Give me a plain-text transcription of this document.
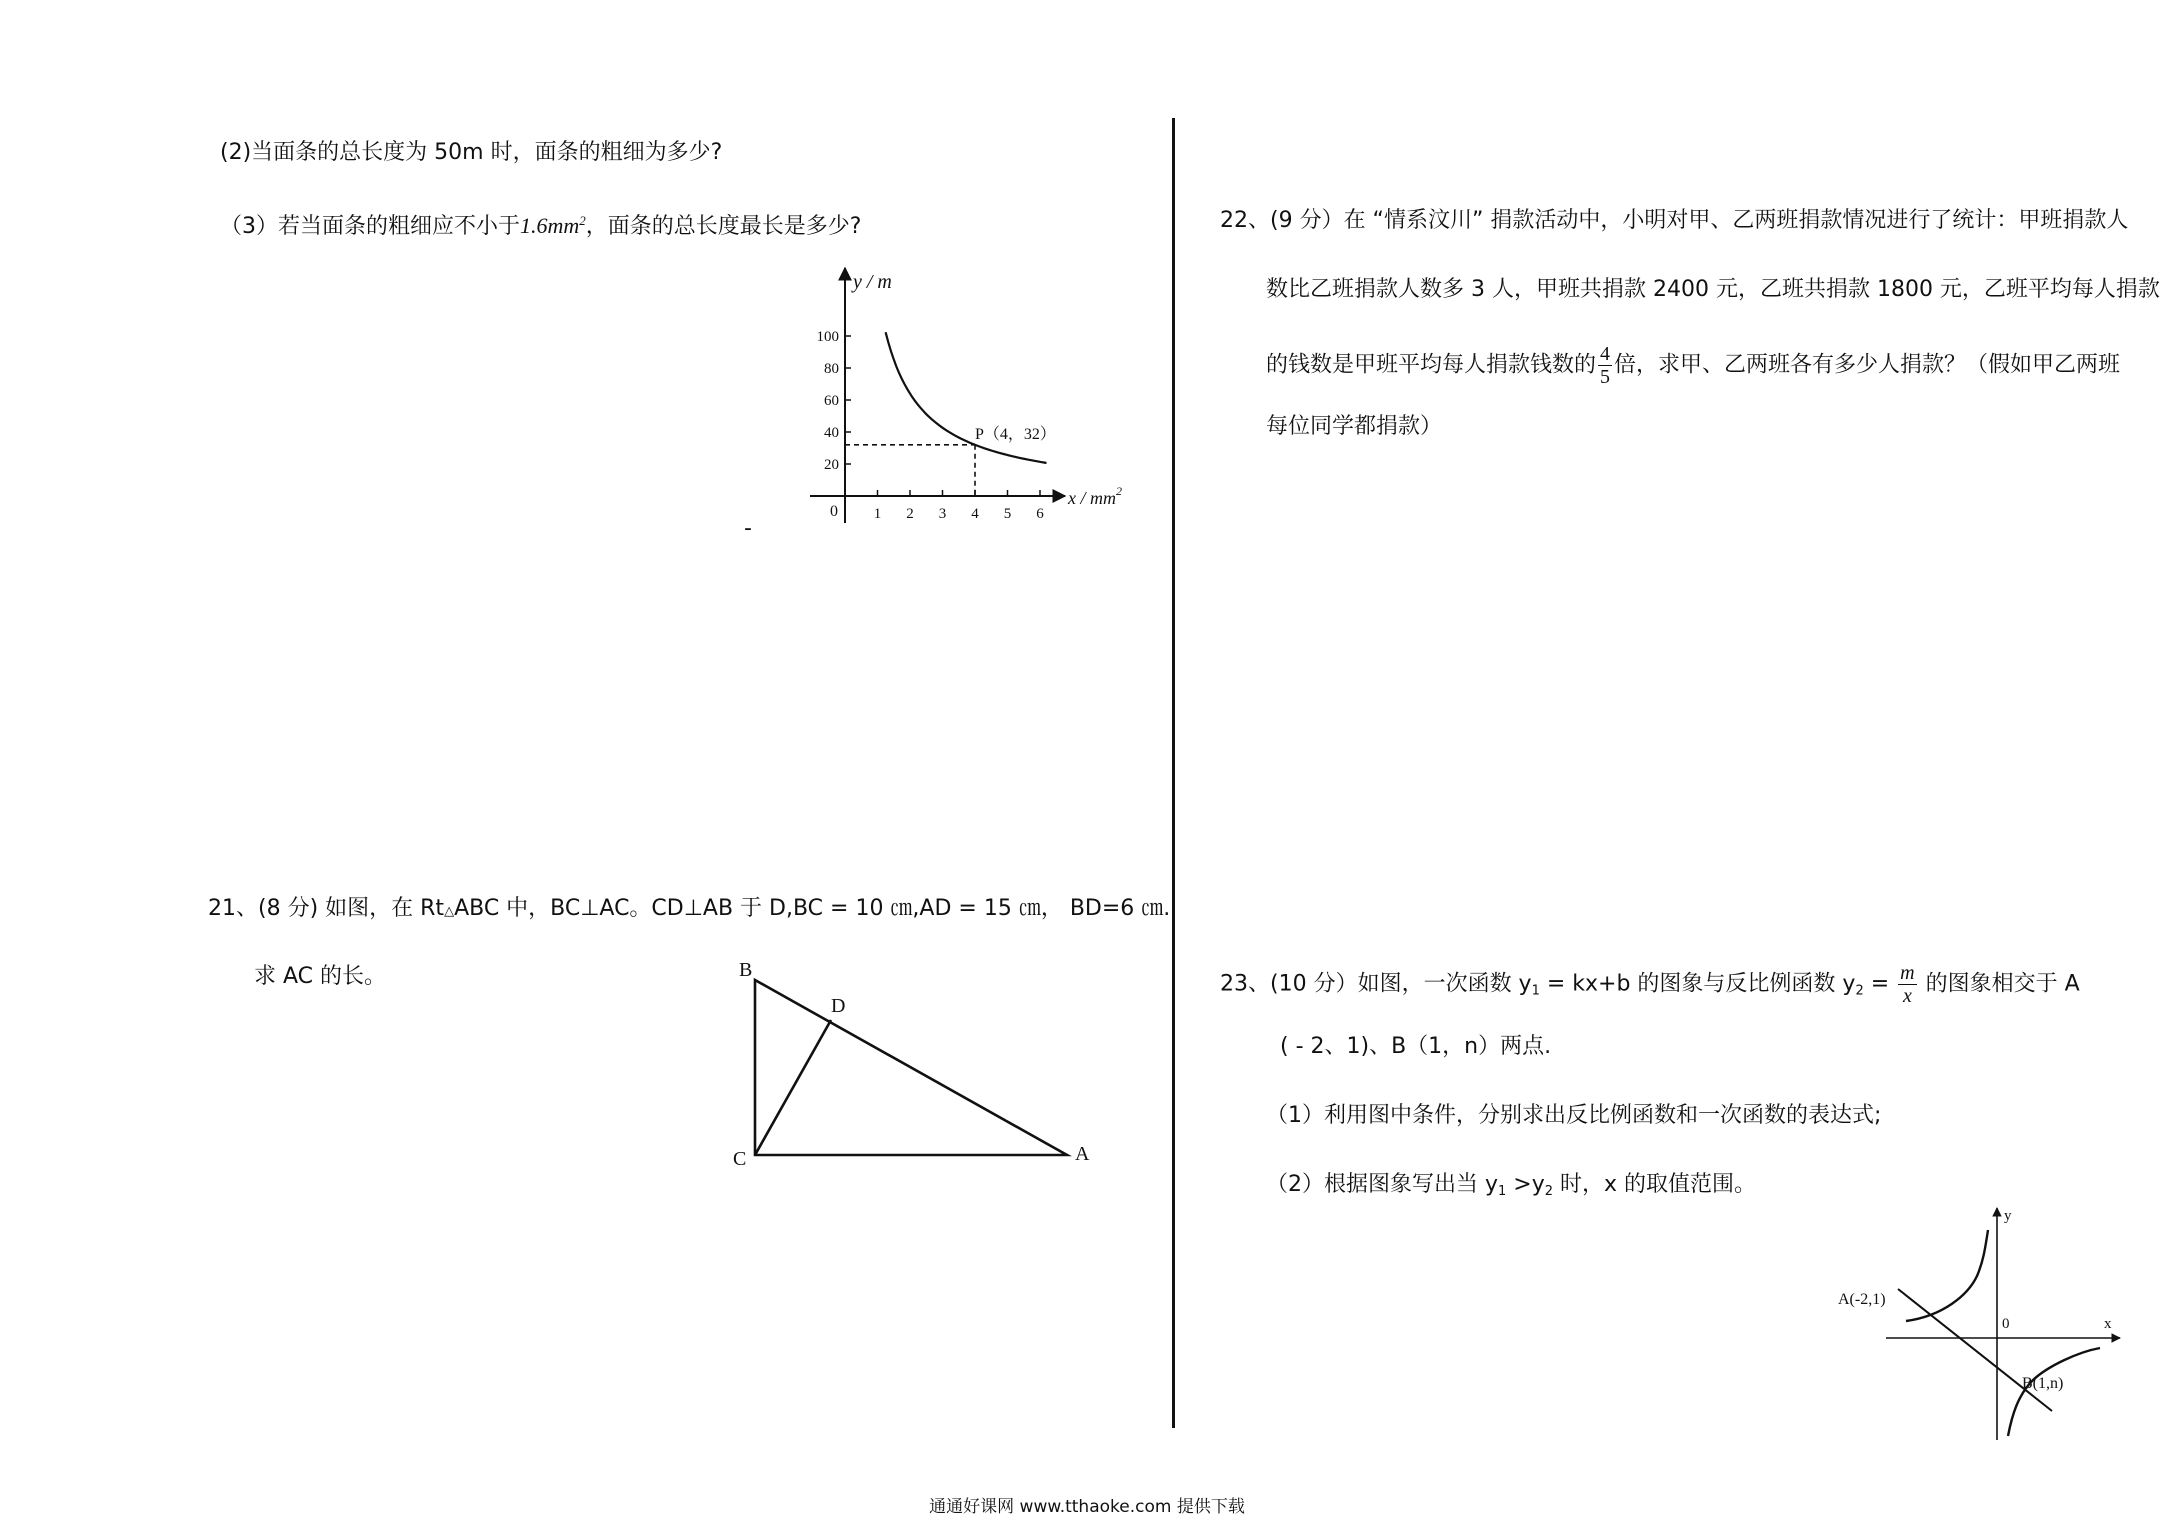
(2)当面条的总长度为 50m 时，面条的粗细为多少?
（3）若当面条的粗细应不小于$1.6mm^2$，面条的总长度最长是多少?
y / m
x / $mm^2$
0
100
80
60
40
20
1 2 3 4 5 6
P（4，32）
-
21、(8 分) 如图，在 Rt△ABC 中，BC⊥AC。CD⊥AB 于 D,BC = 10 ㎝,AD = 15 ㎝， BD=6 ㎝.
求 AC 的长。	B
D
C	A
22、(9 分）在 “情系汶川” 捐款活动中，小明对甲、乙两班捐款情况进行了统计：甲班捐款人
数比乙班捐款人数多 3 人，甲班共捐款 2400 元，乙班共捐款 1800 元，乙班平均每人捐款
的钱数是甲班平均每人捐款钱数的 $\frac{4}{5}$ 倍，求甲、乙两班各有多少人捐款？（假如甲乙两班
每位同学都捐款）
23、(10 分）如图，一次函数 $y_1 = kx+b$ 的图象与反比例函数 $y_2 = \frac{m}{x}$ 的图象相交于 A
( - 2、1)、B（1，n）两点.
（1）利用图中条件，分别求出反比例函数和一次函数的表达式;
（2）根据图象写出当 $y_1 >y_2$ 时，x 的取值范围。
y
x
0
A(-2,1)
B(1,n)
通通好课网 www.tthaoke.com 提供下载
